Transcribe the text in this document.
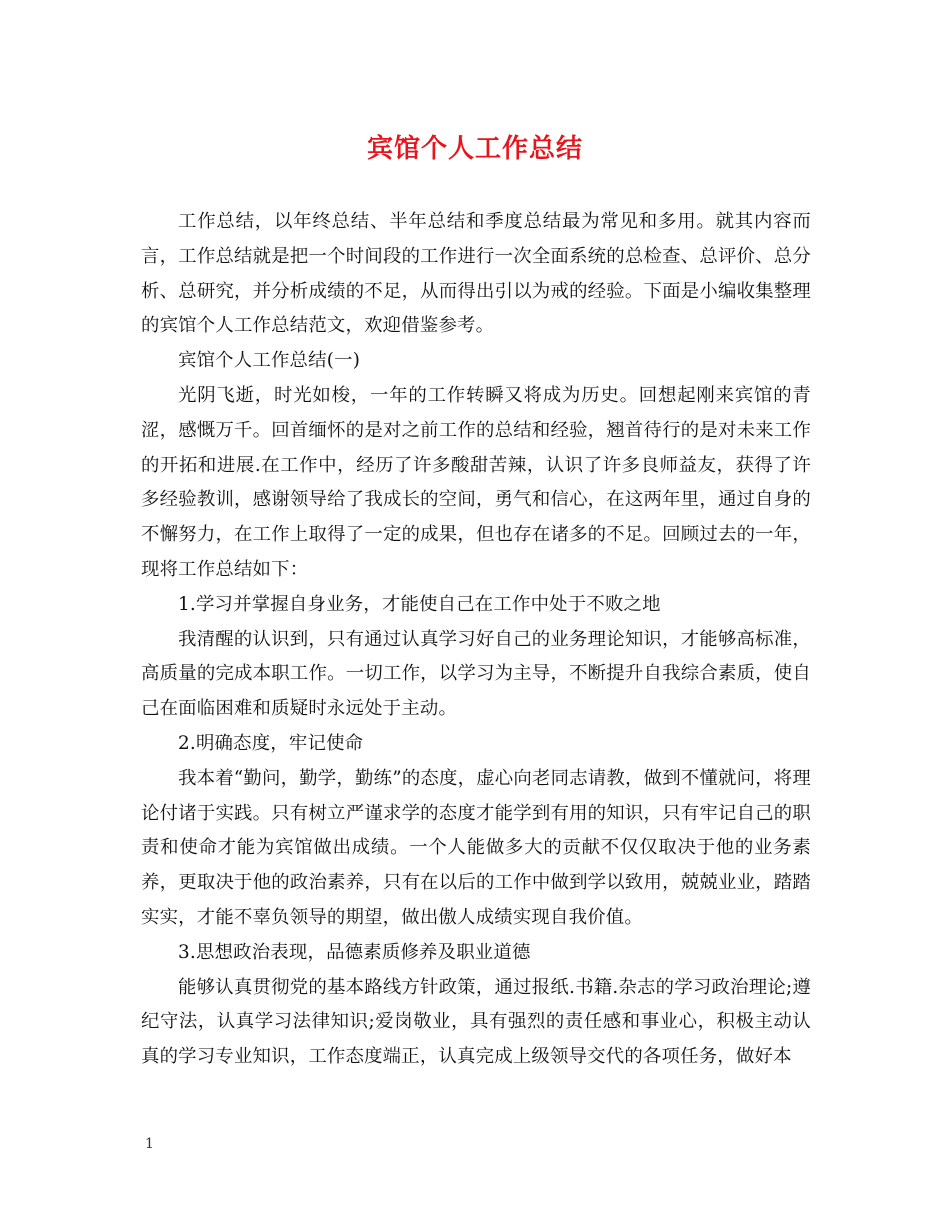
宾馆个人工作总结

工作总结，以年终总结、半年总结和季度总结最为常见和多用。就其内容而言，工作总结就是把一个时间段的工作进行一次全面系统的总检查、总评价、总分析、总研究，并分析成绩的不足，从而得出引以为戒的经验。下面是小编收集整理的宾馆个人工作总结范文，欢迎借鉴参考。

宾馆个人工作总结(一)

光阴飞逝，时光如梭，一年的工作转瞬又将成为历史。回想起刚来宾馆的青涩，感慨万千。回首缅怀的是对之前工作的总结和经验，翘首待行的是对未来工作的开拓和进展.在工作中，经历了许多酸甜苦辣，认识了许多良师益友，获得了许多经验教训，感谢领导给了我成长的空间，勇气和信心，在这两年里，通过自身的不懈努力，在工作上取得了一定的成果，但也存在诸多的不足。回顾过去的一年，现将工作总结如下：

1.学习并掌握自身业务，才能使自己在工作中处于不败之地

我清醒的认识到，只有通过认真学习好自己的业务理论知识，才能够高标准，高质量的完成本职工作。一切工作，以学习为主导，不断提升自我综合素质，使自己在面临困难和质疑时永远处于主动。

2.明确态度，牢记使命

我本着“勤问，勤学，勤练”的态度，虚心向老同志请教，做到不懂就问，将理论付诸于实践。只有树立严谨求学的态度才能学到有用的知识，只有牢记自己的职责和使命才能为宾馆做出成绩。一个人能做多大的贡献不仅仅取决于他的业务素养，更取决于他的政治素养，只有在以后的工作中做到学以致用，兢兢业业，踏踏实实，才能不辜负领导的期望，做出傲人成绩实现自我价值。

3.思想政治表现，品德素质修养及职业道德

能够认真贯彻党的基本路线方针政策，通过报纸.书籍.杂志的学习政治理论;遵纪守法，认真学习法律知识;爱岗敬业，具有强烈的责任感和事业心，积极主动认真的学习专业知识，工作态度端正，认真完成上级领导交代的各项任务，做好本

1
